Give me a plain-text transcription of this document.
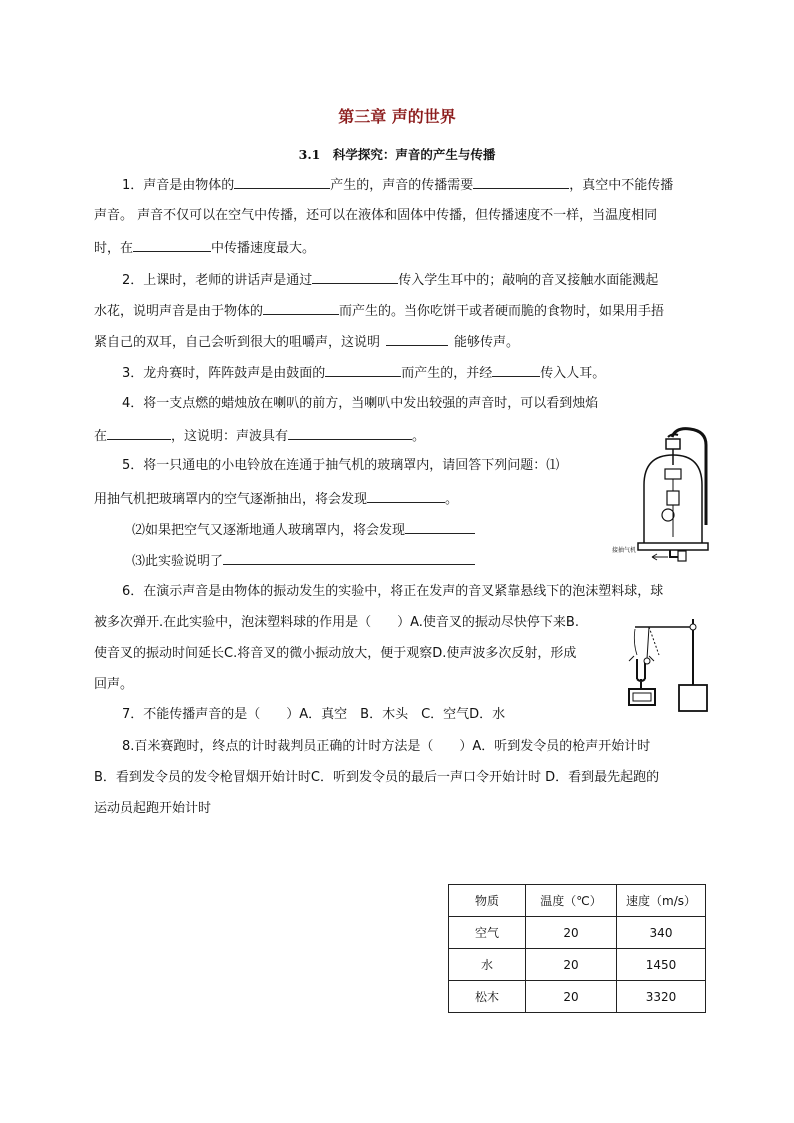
第三章 声的世界
3.1　科学探究：声音的产生与传播
1．声音是由物体的	产生的，声音的传播需要	，真空中不能传播
声音。 声音不仅可以在空气中传播，还可以在液体和固体中传播，但传播速度不一样，当温度相同
时，在	中传播速度最大。
2．上课时，老师的讲话声是通过	传入学生耳中的；敲响的音叉接触水面能溅起
水花，说明声音是由于物体的	而产生的。当你吃饼干或者硬而脆的食物时，如果用手捂
紧自己的双耳，自己会听到很大的咀嚼声，这说明	能够传声。
3．龙舟赛时，阵阵鼓声是由鼓面的	而产生的，并经	传入人耳。
4．将一支点燃的蜡烛放在喇叭的前方，当喇叭中发出较强的声音时，可以看到烛焰
在	，这说明：声波具有	。
5．将一只通电的小电铃放在连通于抽气机的玻璃罩内，请回答下列问题：⑴
用抽气机把玻璃罩内的空气逐渐抽出，将会发现	。
⑵如果把空气又逐渐地通人玻璃罩内，将会发现
⑶此实验说明了
接抽气机
6．在演示声音是由物体的振动发生的实验中，将正在发声的音叉紧靠悬线下的泡沫塑料球，球
被多次弹开.在此实验中，泡沫塑料球的作用是（　　）A.使音叉的振动尽快停下来B.
使音叉的振动时间延长C.将音叉的微小振动放大，便于观察D.使声波多次反射，形成
回声。
7．不能传播声音的是（　　）A．真空　B．木头　C．空气D．水
8.百米赛跑时，终点的计时裁判员正确的计时方法是（　　）A．听到发令员的枪声开始计时
B．看到发令员的发令枪冒烟开始计时C．听到发令员的最后一声口令开始计时 D．看到最先起跑的
运动员起跑开始计时
物质	温度（℃）	速度（m/s）
空气	20	340
水	20	1450
松木	20	3320
